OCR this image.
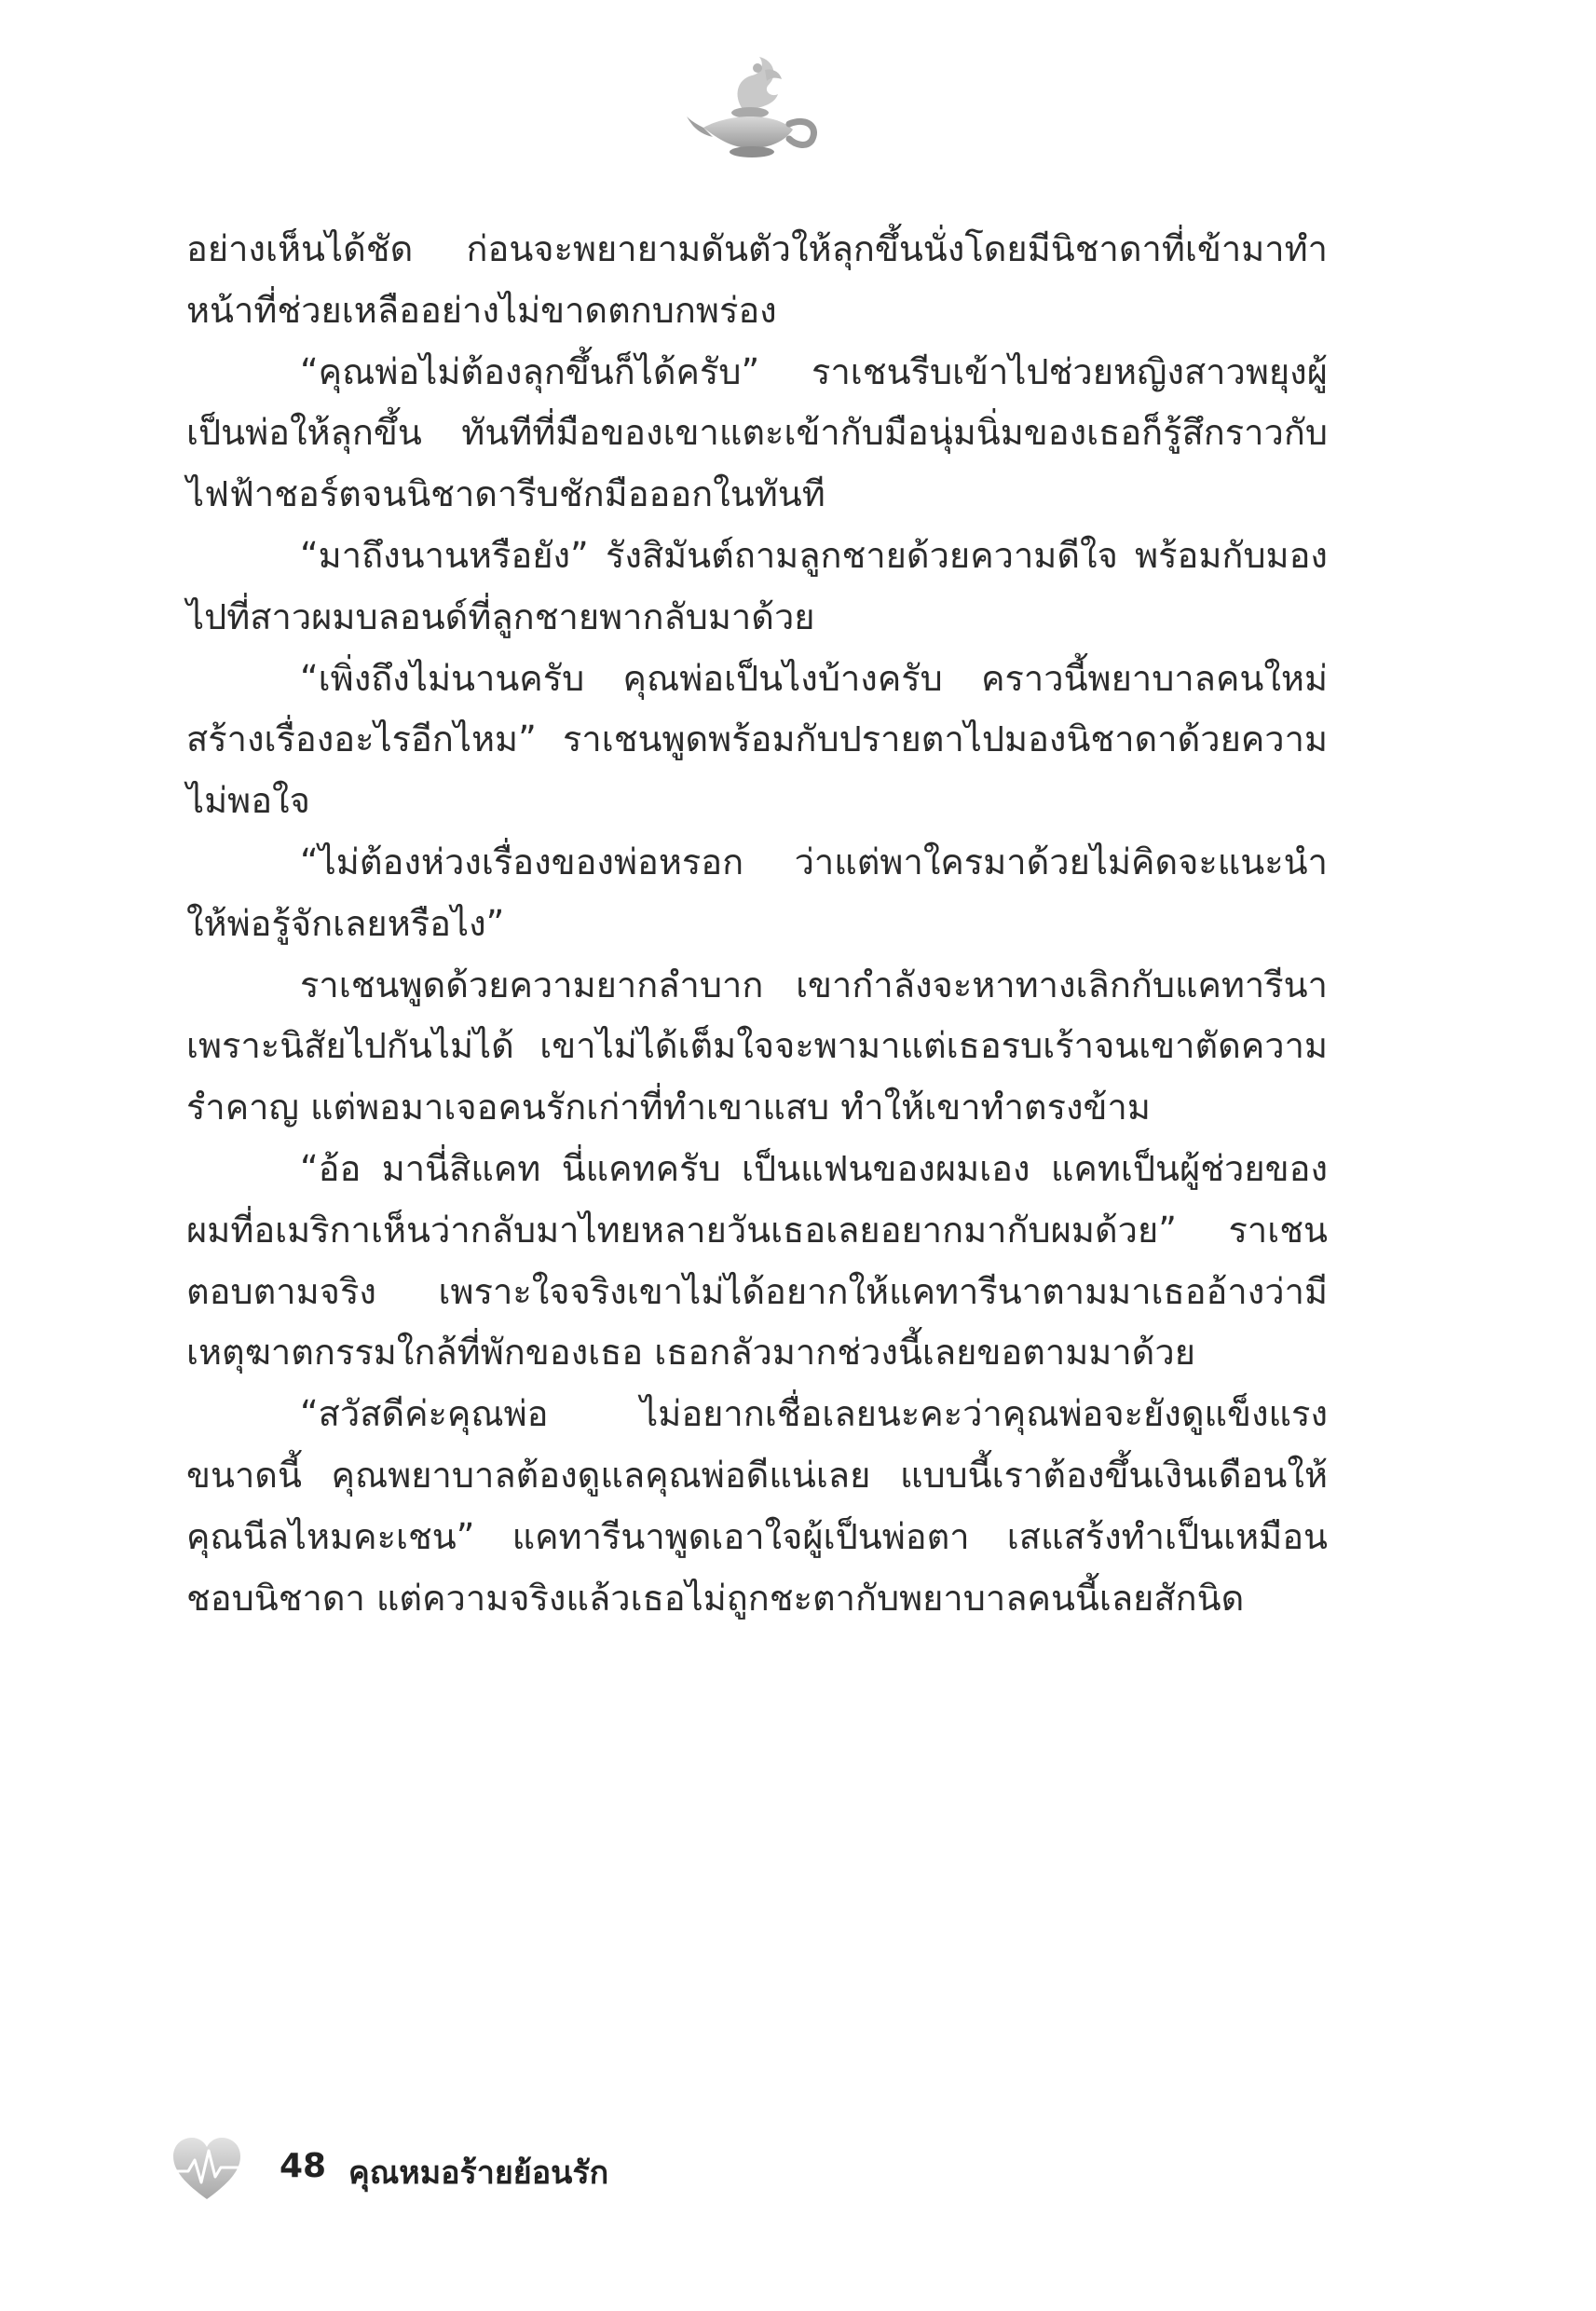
อย่างเห็นได้ชัด ก่อนจะพยายามดันตัวให้ลุกขึ้นนั่งโดยมีนิชาดาที่เข้ามาทำหน้าที่ช่วยเหลืออย่างไม่ขาดตกบกพร่อง

“คุณพ่อไม่ต้องลุกขึ้นก็ได้ครับ” ราเชนรีบเข้าไปช่วยหญิงสาวพยุงผู้เป็นพ่อให้ลุกขึ้น ทันทีที่มือของเขาแตะเข้ากับมือนุ่มนิ่มของเธอก็รู้สึกราวกับไฟฟ้าชอร์ตจนนิชาดารีบชักมือออกในทันที

“มาถึงนานหรือยัง” รังสิมันต์ถามลูกชายด้วยความดีใจ พร้อมกับมองไปที่สาวผมบลอนด์ที่ลูกชายพากลับมาด้วย

“เพิ่งถึงไม่นานครับ คุณพ่อเป็นไงบ้างครับ คราวนี้พยาบาลคนใหม่สร้างเรื่องอะไรอีกไหม” ราเชนพูดพร้อมกับปรายตาไปมองนิชาดาด้วยความไม่พอใจ

“ไม่ต้องห่วงเรื่องของพ่อหรอก ว่าแต่พาใครมาด้วยไม่คิดจะแนะนำให้พ่อรู้จักเลยหรือไง”

ราเชนพูดด้วยความยากลำบาก เขากำลังจะหาทางเลิกกับแคทารีนาเพราะนิสัยไปกันไม่ได้ เขาไม่ได้เต็มใจจะพามาแต่เธอรบเร้าจนเขาตัดความรำคาญ แต่พอมาเจอคนรักเก่าที่ทำเขาแสบ ทำให้เขาทำตรงข้าม

“อ้อ มานี่สิแคท นี่แคทครับ เป็นแฟนของผมเอง แคทเป็นผู้ช่วยของผมที่อเมริกาเห็นว่ากลับมาไทยหลายวันเธอเลยอยากมากับผมด้วย” ราเชนตอบตามจริง เพราะใจจริงเขาไม่ได้อยากให้แคทารีนาตามมาเธออ้างว่ามีเหตุฆาตกรรมใกล้ที่พักของเธอ เธอกลัวมากช่วงนี้เลยขอตามมาด้วย

“สวัสดีค่ะคุณพ่อ ไม่อยากเชื่อเลยนะคะว่าคุณพ่อจะยังดูแข็งแรงขนาดนี้ คุณพยาบาลต้องดูแลคุณพ่อดีแน่เลย แบบนี้เราต้องขึ้นเงินเดือนให้คุณนีลไหมคะเชน” แคทารีนาพูดเอาใจผู้เป็นพ่อตา เสแสร้งทำเป็นเหมือนชอบนิชาดา แต่ความจริงแล้วเธอไม่ถูกชะตากับพยาบาลคนนี้เลยสักนิด

48 คุณหมอร้ายย้อนรัก
